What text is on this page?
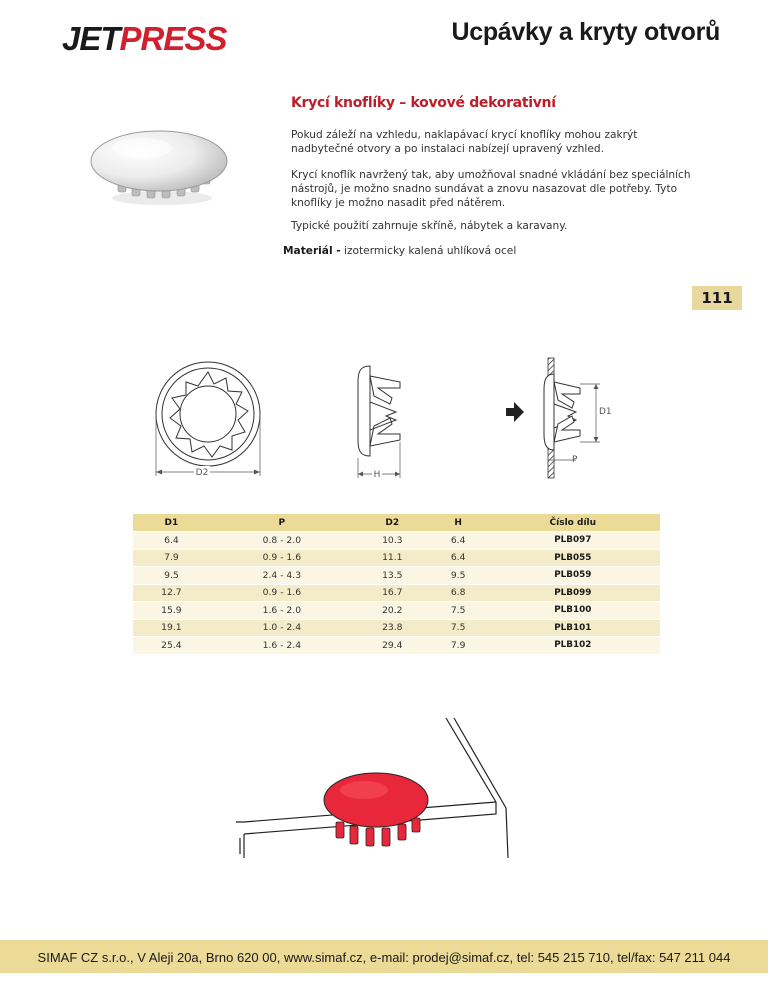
JETPRESS	Ucpávky a kryty otvorů
Krycí knoflíky – kovové dekorativní
Pokud záleží na vzhledu, naklapávací krycí knoflíky mohou zakrýt nadbytečné otvory a po instalaci nabízejí upravený vzhled.
Krycí knoflík navržený tak, aby umožňoval snadné vkládání bez speciálních nástrojů, je možno snadno sundávat a znovu nasazovat dle potřeby. Tyto knoflíky je možno nasadit před nátěrem.
Typické použití zahrnuje skříně, nábytek a karavany.
Materiál - izotermicky kalená uhlíková ocel
111
D2	H
D1
P
D1	P	D2	H	Číslo dílu
6.4	0.8 - 2.0	10.3	6.4	PLB097
7.9	0.9 - 1.6	11.1	6.4	PLB055
9.5	2.4 - 4.3	13.5	9.5	PLB059
12.7	0.9 - 1.6	16.7	6.8	PLB099
15.9	1.6 - 2.0	20.2	7.5	PLB100
19.1	1.0 - 2.4	23.8	7.5	PLB101
25.4	1.6 - 2.4	29.4	7.9	PLB102
SIMAF CZ s.r.o., V Aleji 20a, Brno 620 00, www.simaf.cz, e-mail: prodej@simaf.cz, tel: 545 215 710, tel/fax: 547 211 044
